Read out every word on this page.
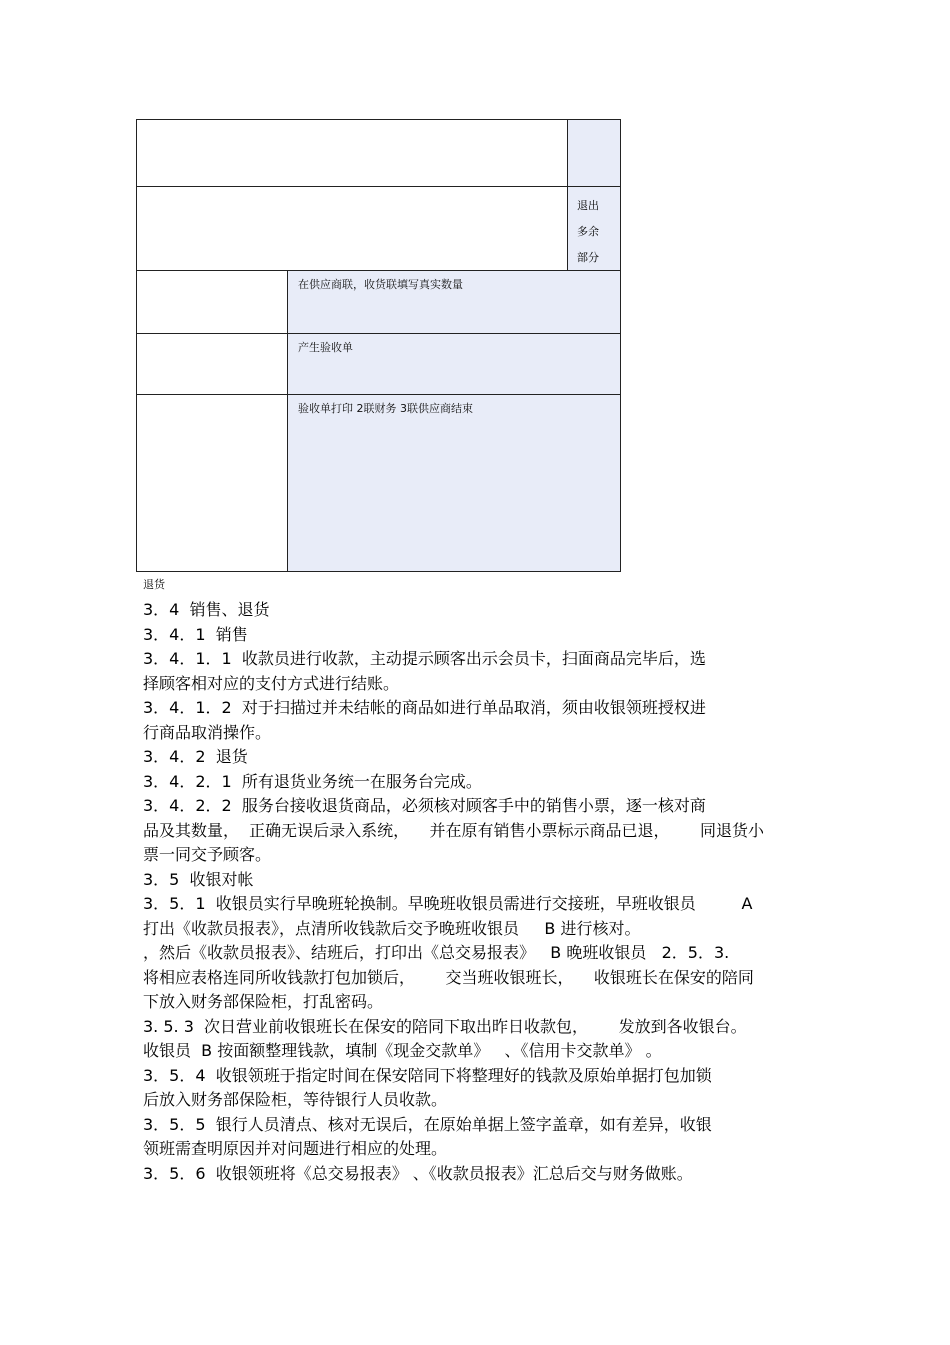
退出
多余
部分
在供应商联，收货联填写真实数量
产生验收单
验收单打印 2联财务 3联供应商结束
退货

3．4  销售、退货

3．4．1  销售

3．4．1．1  收款员进行收款，主动提示顾客出示会员卡，扫面商品完毕后，选

择顾客相对应的支付方式进行结账。

3．4．1．2  对于扫描过并未结帐的商品如进行单品取消，须由收银领班授权进

行商品取消操作。

3．4．2  退货

3．4．2．1  所有退货业务统一在服务台完成。

3．4．2．2  服务台接收退货商品，必须核对顾客手中的销售小票，逐一核对商

品及其数量，  正确无误后录入系统，    并在原有销售小票标示商品已退，      同退货小

票一同交予顾客。

3．5  收银对帐

3．5．1  收银员实行早晚班轮换制。早晚班收银员需进行交接班，早班收银员         A

打出《收款员报表》，点清所收钱款后交予晚班收银员     B 进行核对。

，然后《收款员报表》、结班后，打印出《总交易报表》   B 晚班收银员   2．5．3.

将相应表格连同所收钱款打包加锁后，      交当班收银班长，    收银班长在保安的陪同

下放入财务部保险柜，打乱密码。

3. 5. 3  次日营业前收银班长在保安的陪同下取出昨日收款包，      发放到各收银台。

收银员  B 按面额整理钱款，填制《现金交款单》   、《信用卡交款单》 。

3．5．4  收银领班于指定时间在保安陪同下将整理好的钱款及原始单据打包加锁

后放入财务部保险柜，等待银行人员收款。

3．5．5  银行人员清点、核对无误后，在原始单据上签字盖章，如有差异，收银

领班需查明原因并对问题进行相应的处理。

3．5．6  收银领班将《总交易报表》 、《收款员报表》汇总后交与财务做账。
